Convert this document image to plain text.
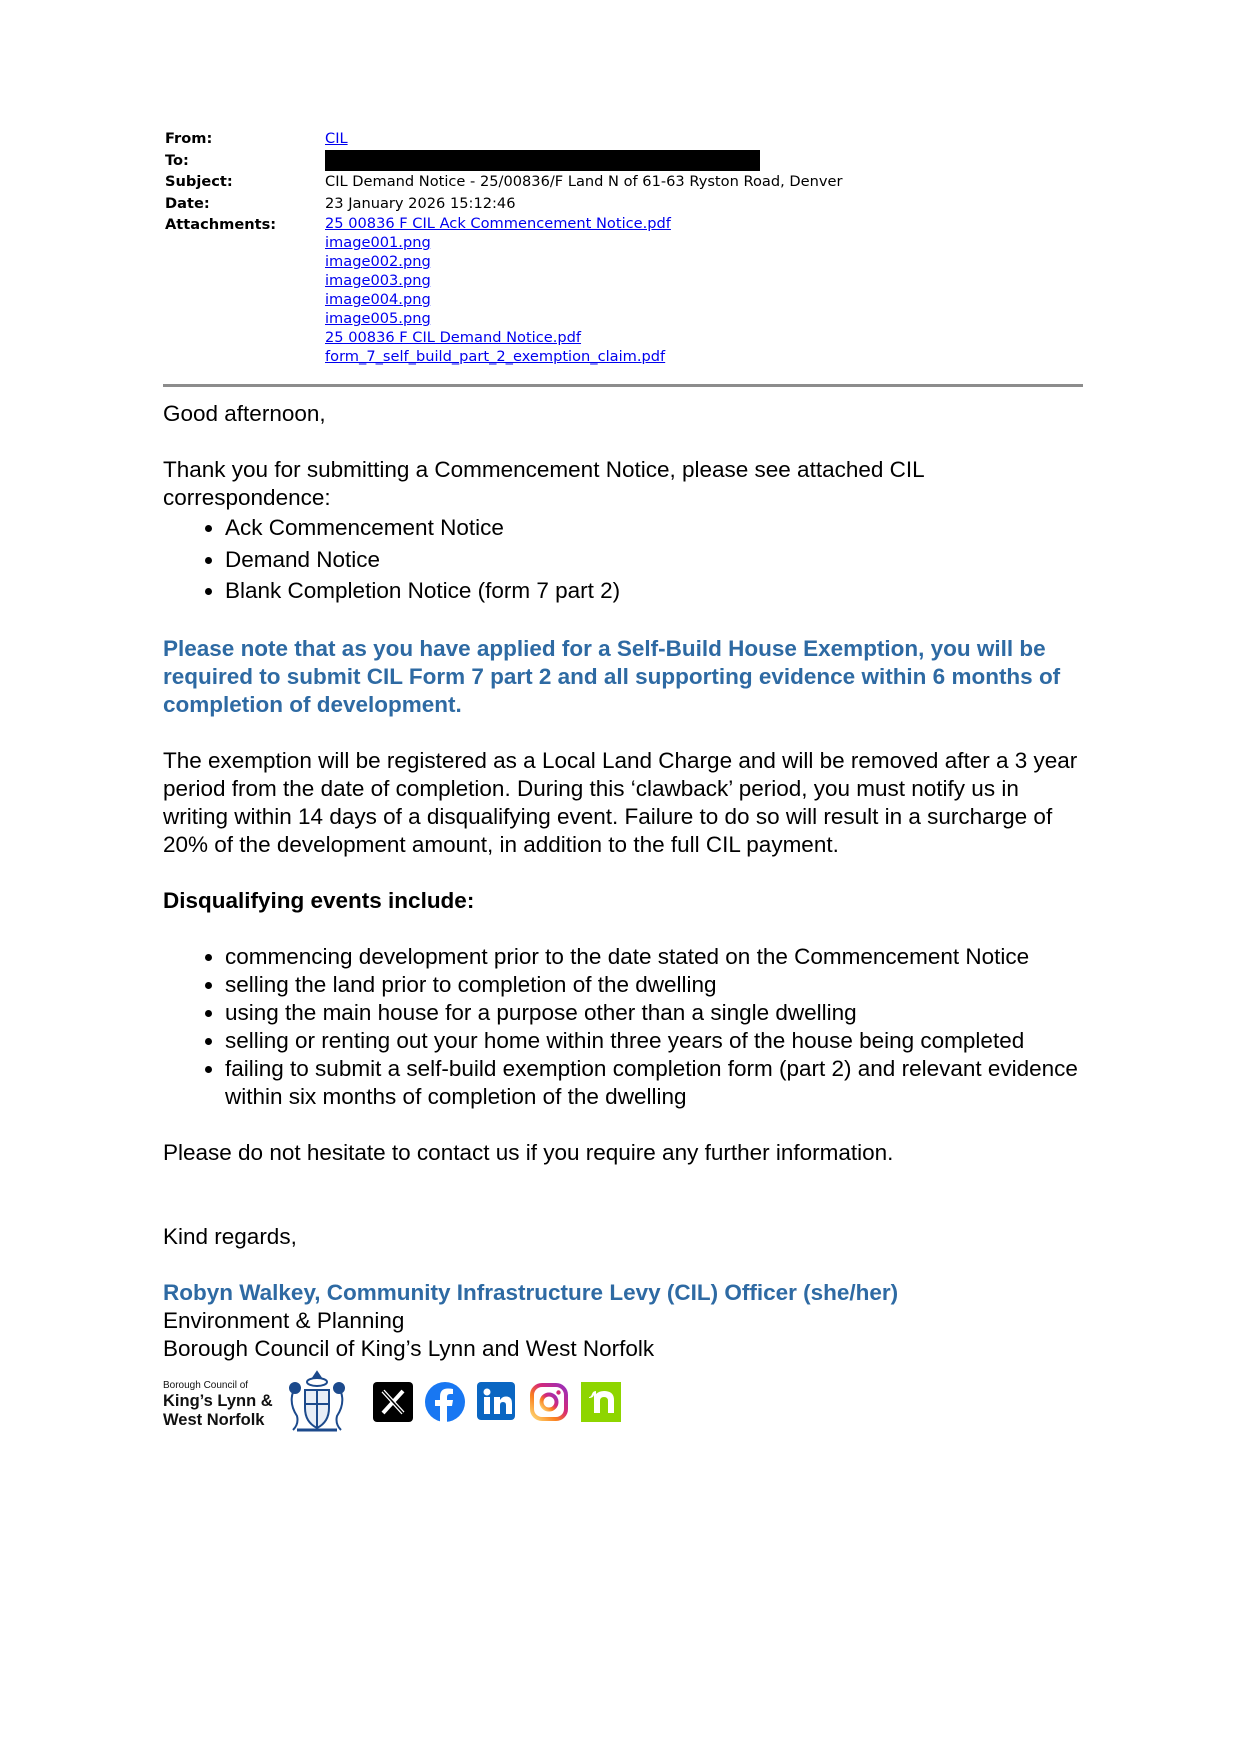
From:	CIL
To:
Subject:	CIL Demand Notice - 25/00836/F Land N of 61-63 Ryston Road, Denver
Date:	23 January 2026 15:12:46
Attachments:	25 00836 F CIL Ack Commencement Notice.pdf
image001.png
image002.png
image003.png
image004.png
image005.png
25 00836 F CIL Demand Notice.pdf
form_7_self_build_part_2_exemption_claim.pdf

Good afternoon,

Thank you for submitting a Commencement Notice, please see attached CIL correspondence:

• Ack Commencement Notice
• Demand Notice
• Blank Completion Notice (form 7 part 2)

Please note that as you have applied for a Self-Build House Exemption, you will be required to submit CIL Form 7 part 2 and all supporting evidence within 6 months of completion of development.

The exemption will be registered as a Local Land Charge and will be removed after a 3 year period from the date of completion. During this ‘clawback’ period, you must notify us in writing within 14 days of a disqualifying event. Failure to do so will result in a surcharge of 20% of the development amount, in addition to the full CIL payment.

Disqualifying events include:

• commencing development prior to the date stated on the Commencement Notice
• selling the land prior to completion of the dwelling
• using the main house for a purpose other than a single dwelling
• selling or renting out your home within three years of the house being completed
• failing to submit a self-build exemption completion form (part 2) and relevant evidence within six months of completion of the dwelling

Please do not hesitate to contact us if you require any further information.

Kind regards,

Robyn Walkey, Community Infrastructure Levy (CIL) Officer (she/her)

Environment & Planning

Borough Council of King’s Lynn and West Norfolk

Borough Council of
King’s Lynn &
West Norfolk
